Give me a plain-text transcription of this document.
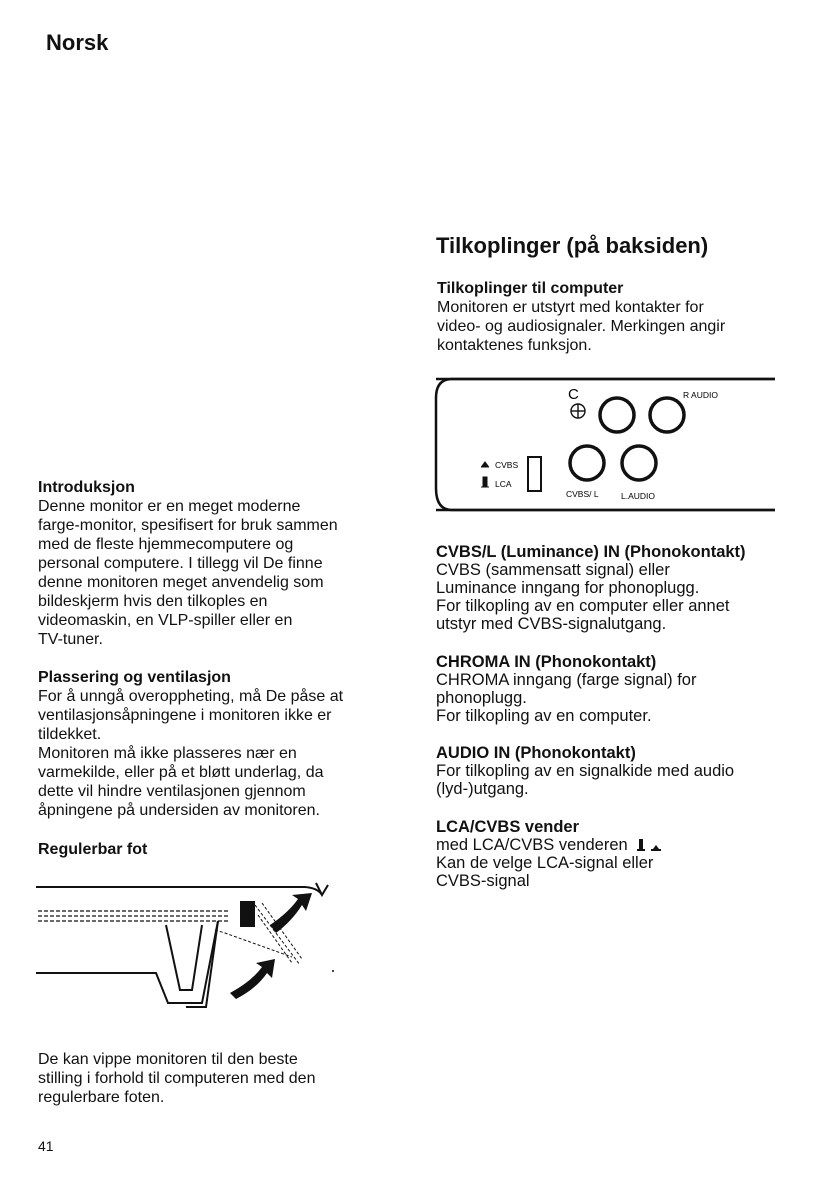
Norsk
Tilkoplinger (på baksiden)
Tilkoplinger til computer
Monitoren er utstyrt med kontakter for
video- og audiosignaler. Merkingen angir
kontaktenes funksjon.
C	R AUDIO
CVBS
LCA
CVBS/ L	L.AUDIO
CVBS/L (Luminance) IN (Phonokontakt)
CVBS (sammensatt signal) eller
Luminance inngang for phonoplugg.
For tilkopling av en computer eller annet
utstyr med CVBS-signalutgang.
CHROMA IN (Phonokontakt)
CHROMA inngang (farge signal) for
phonoplugg.
For tilkopling av en computer.
AUDIO IN (Phonokontakt)
For tilkopling av en signalkide med audio
(lyd-)utgang.
LCA/CVBS vender
med LCA/CVBS venderen
Kan de velge LCA-signal eller
CVBS-signal
Introduksjon
Denne monitor er en meget moderne
farge-monitor, spesifisert for bruk sammen
med de fleste hjemmecomputere og
personal computere. I tillegg vil De finne
denne monitoren meget anvendelig som
bildeskjerm hvis den tilkoples en
videomaskin, en VLP-spiller eller en
TV-tuner.
Plassering og ventilasjon
For å unngå overoppheting, må De påse at
ventilasjonsåpningene i monitoren ikke er
tildekket.
Monitoren må ikke plasseres nær en
varmekilde, eller på et bløtt underlag, da
dette vil hindre ventilasjonen gjennom
åpningene på undersiden av monitoren.
Regulerbar fot
De kan vippe monitoren til den beste
stilling i forhold til computeren med den
regulerbare foten.
41
